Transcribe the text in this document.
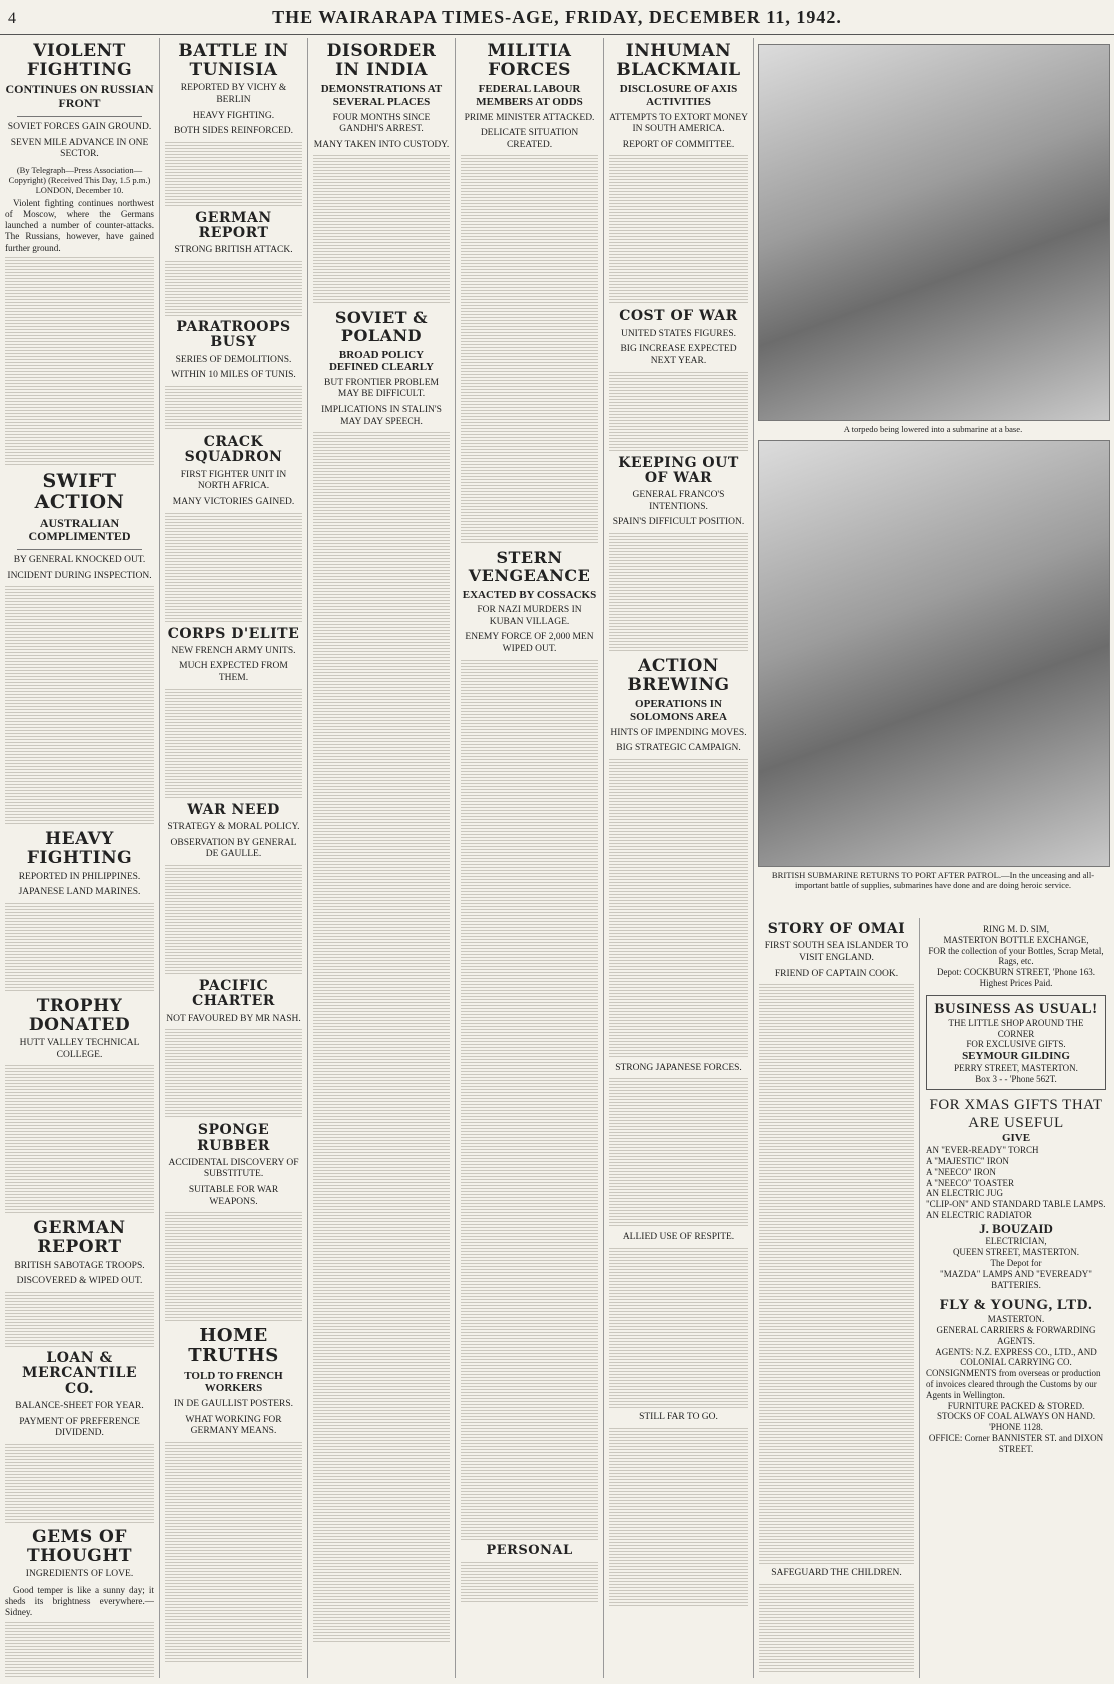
4	THE WAIRARAPA TIMES-AGE, FRIDAY, DECEMBER 11, 1942.
VIOLENT FIGHTING
CONTINUES ON RUSSIAN FRONT
SOVIET FORCES GAIN GROUND.
SEVEN MILE ADVANCE IN ONE SECTOR.
(By Telegraph—Press Association—Copyright) (Received This Day, 1.5 p.m.) LONDON, December 10.

Violent fighting continues northwest of Moscow, where the Germans launched a number of counter-attacks. The Russians, however, have gained further ground.

SWIFT ACTION
AUSTRALIAN COMPLIMENTED
BY GENERAL KNOCKED OUT.
INCIDENT DURING INSPECTION.
HEAVY FIGHTING
REPORTED IN PHILIPPINES.
JAPANESE LAND MARINES.
TROPHY DONATED
HUTT VALLEY TECHNICAL COLLEGE.
GERMAN REPORT
BRITISH SABOTAGE TROOPS.
DISCOVERED & WIPED OUT.
LOAN & MERCANTILE CO.
BALANCE-SHEET FOR YEAR.
PAYMENT OF PREFERENCE DIVIDEND.
GEMS OF THOUGHT
INGREDIENTS OF LOVE.

Good temper is like a sunny day; it sheds its brightness everywhere.—Sidney.

BATTLE IN TUNISIA
REPORTED BY VICHY & BERLIN
HEAVY FIGHTING.
BOTH SIDES REINFORCED.
GERMAN REPORT
STRONG BRITISH ATTACK.
PARATROOPS BUSY
SERIES OF DEMOLITIONS.
WITHIN 10 MILES OF TUNIS.
CRACK SQUADRON
FIRST FIGHTER UNIT IN NORTH AFRICA.
MANY VICTORIES GAINED.
CORPS D'ELITE
NEW FRENCH ARMY UNITS.
MUCH EXPECTED FROM THEM.
WAR NEED
STRATEGY & MORAL POLICY.
OBSERVATION BY GENERAL DE GAULLE.
PACIFIC CHARTER
NOT FAVOURED BY MR NASH.
SPONGE RUBBER
ACCIDENTAL DISCOVERY OF SUBSTITUTE.
SUITABLE FOR WAR WEAPONS.
HOME TRUTHS
TOLD TO FRENCH WORKERS
IN DE GAULLIST POSTERS.
WHAT WORKING FOR GERMANY MEANS.
DISORDER IN INDIA
DEMONSTRATIONS AT SEVERAL PLACES
FOUR MONTHS SINCE GANDHI'S ARREST.
MANY TAKEN INTO CUSTODY.
SOVIET & POLAND
BROAD POLICY DEFINED CLEARLY
BUT FRONTIER PROBLEM MAY BE DIFFICULT.
IMPLICATIONS IN STALIN'S MAY DAY SPEECH.
MILITIA FORCES
FEDERAL LABOUR MEMBERS AT ODDS
PRIME MINISTER ATTACKED.
DELICATE SITUATION CREATED.
STERN VENGEANCE
EXACTED BY COSSACKS
FOR NAZI MURDERS IN KUBAN VILLAGE.
ENEMY FORCE OF 2,000 MEN WIPED OUT.
PERSONAL
INHUMAN BLACKMAIL
DISCLOSURE OF AXIS ACTIVITIES
ATTEMPTS TO EXTORT MONEY IN SOUTH AMERICA.
REPORT OF COMMITTEE.
COST OF WAR
UNITED STATES FIGURES.
BIG INCREASE EXPECTED NEXT YEAR.
KEEPING OUT OF WAR
GENERAL FRANCO'S INTENTIONS.
SPAIN'S DIFFICULT POSITION.
ACTION BREWING
OPERATIONS IN SOLOMONS AREA
HINTS OF IMPENDING MOVES.
BIG STRATEGIC CAMPAIGN.
STRONG JAPANESE FORCES.
ALLIED USE OF RESPITE.
STILL FAR TO GO.
A torpedo being lowered into a submarine at a base.
BRITISH SUBMARINE RETURNS TO PORT AFTER PATROL.—In the unceasing and all-important battle of supplies, submarines have done and are doing heroic service.
STORY OF OMAI
FIRST SOUTH SEA ISLANDER TO VISIT ENGLAND.
FRIEND OF CAPTAIN COOK.
SAFEGUARD THE CHILDREN.
RING M. D. SIM,
MASTERTON BOTTLE EXCHANGE,
FOR the collection of your Bottles, Scrap Metal, Rags, etc.
Depot: COCKBURN STREET, 'Phone 163.
Highest Prices Paid.
BUSINESS AS USUAL!
THE LITTLE SHOP AROUND THE CORNER
FOR EXCLUSIVE GIFTS.
SEYMOUR GILDING
PERRY STREET, MASTERTON.
Box 3 - - 'Phone 562T.
FOR XMAS GIFTS THAT ARE USEFUL
GIVE
AN "EVER-READY" TORCH
A "MAJESTIC" IRON
A "NEECO" IRON
A "NEECO" TOASTER
AN ELECTRIC JUG
"CLIP-ON" AND STANDARD TABLE LAMPS.
AN ELECTRIC RADIATOR
J. BOUZAID
ELECTRICIAN,
QUEEN STREET, MASTERTON.
The Depot for
"MAZDA" LAMPS AND "EVEREADY" BATTERIES.
FLY & YOUNG, LTD.
MASTERTON.
GENERAL CARRIERS & FORWARDING AGENTS.
AGENTS: N.Z. EXPRESS CO., LTD., AND COLONIAL CARRYING CO.
CONSIGNMENTS from overseas or production of invoices cleared through the Customs by our Agents in Wellington.
FURNITURE PACKED & STORED.
STOCKS OF COAL ALWAYS ON HAND.
'PHONE 1128.
OFFICE: Corner BANNISTER ST. and DIXON STREET.
